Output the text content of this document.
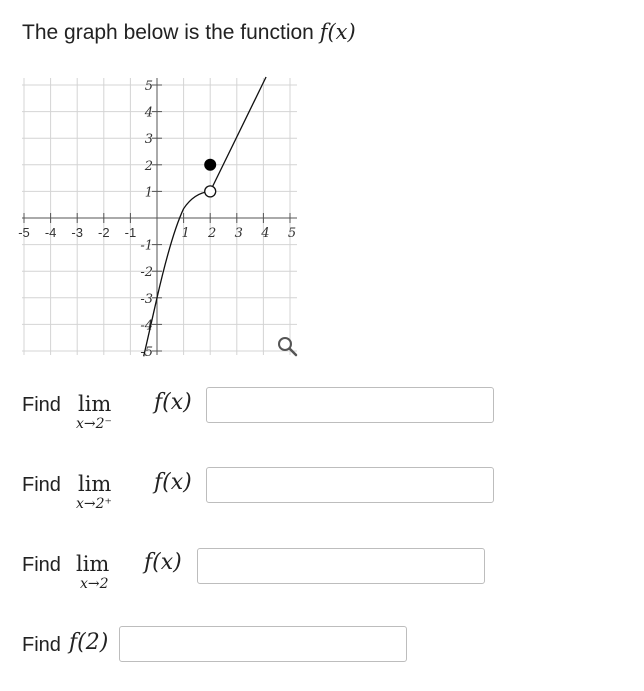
The graph below is the function f(x)
-5 -4 -3 -2 -1	1 2 3 4 5
5
4
3
2
1
-1
-2
-3
-4
-5
Find lim
x→2⁻
f(x)
Find lim
x→2⁺
f(x)
Find lim
x→2
f(x)
Find f(2)
